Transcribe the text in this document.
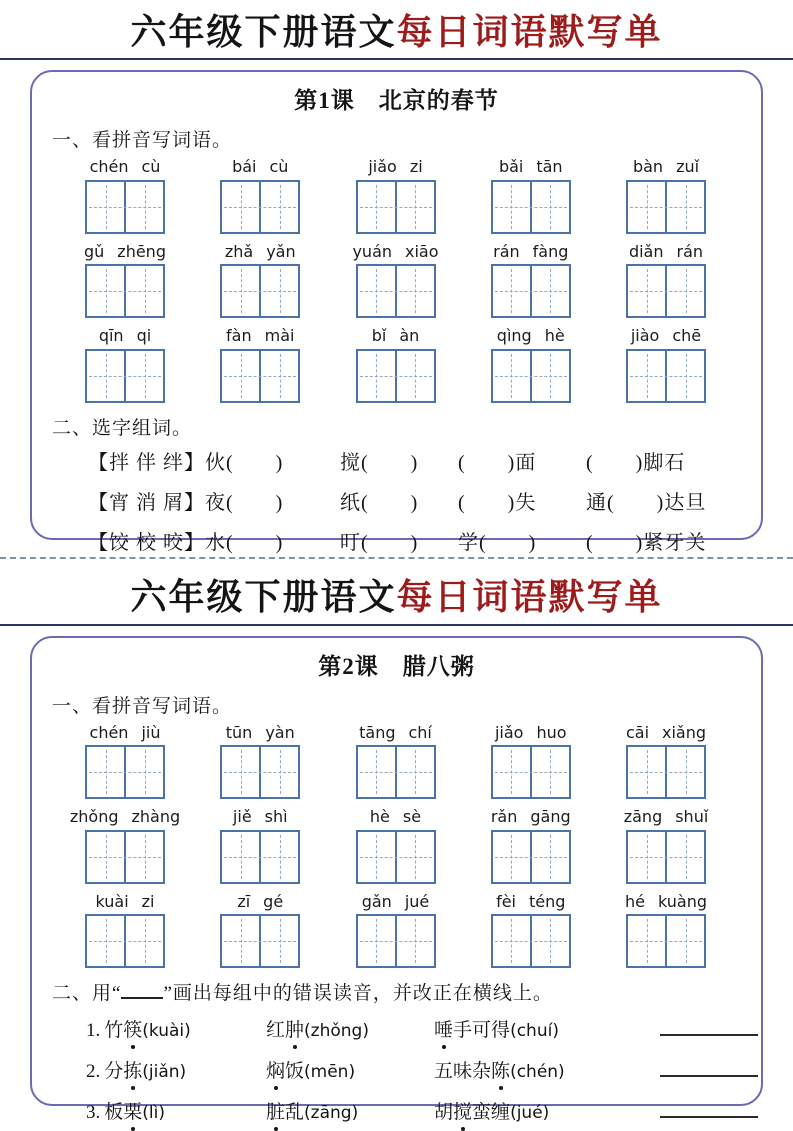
六年级下册语文每日词语默写单
第1课　北京的春节
一、看拼音写词语。
chén cù	bái cù	jiǎo zi	bǎi tān	bàn zuǐ
gǔ zhēng	zhǎ yǎn	yuán xiāo	rán fàng	diǎn rán
qīn qi	fàn mài	bǐ àn	qìng hè	jiào chē
二、选字组词。
【拌 伴 绊】伙(　　)	搅(　　)	(　　)面	(　　)脚石
【宵 消 屑】夜(　　)	纸(　　)	(　　)失	通(　　)达旦
【饺 校 咬】水(　　)	叮(　　)	学(　　)	(　　)紧牙关
六年级下册语文每日词语默写单
第2课　腊八粥
一、看拼音写词语。
chén jiù	tūn yàn	tāng chí	jiǎo huo	cāi xiǎng
zhǒng zhàng	jiě shì	hè sè	rǎn gāng	zāng shuǐ
kuài zi	zī gé	gǎn jué	fèi téng	hé kuàng
二、用“ ”画出每组中的错误读音，并改正在横线上。
1. 竹筷(kuài)	红肿(zhǒng)	唾手可得(chuí)
2. 分拣(jiǎn)	焖饭(mēn)	五味杂陈(chén)
3. 板栗(lì)	脏乱(zāng)	胡搅蛮缠(jué)
